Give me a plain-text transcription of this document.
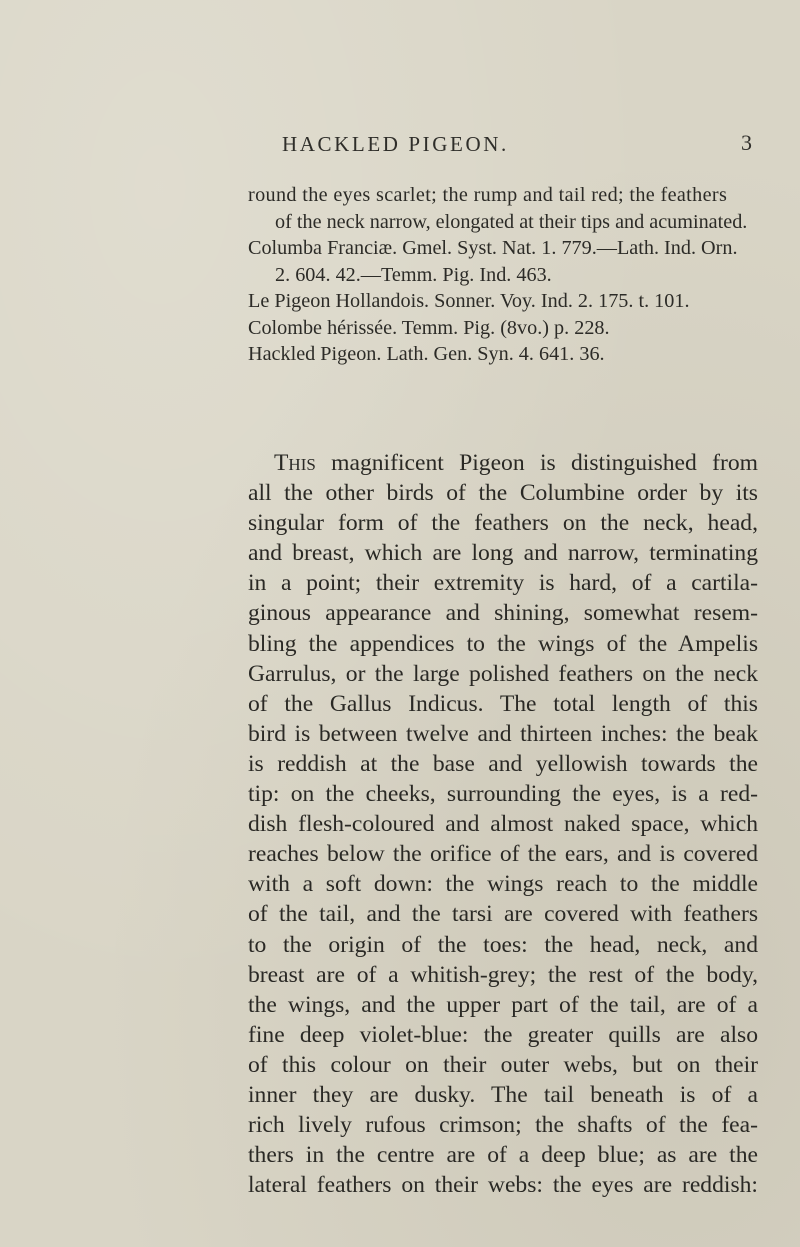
HACKLED PIGEON.	3
round the eyes scarlet; the rump and tail red; the feathers
of the neck narrow, elongated at their tips and acuminated.
Columba Franciæ. Gmel. Syst. Nat. 1. 779.—Lath. Ind. Orn.
2. 604. 42.—Temm. Pig. Ind. 463.
Le Pigeon Hollandois. Sonner. Voy. Ind. 2. 175. t. 101.
Colombe hérissée. Temm. Pig. (8vo.) p. 228.
Hackled Pigeon. Lath. Gen. Syn. 4. 641. 36.
This magnificent Pigeon is distinguished from
all the other birds of the Columbine order by its
singular form of the feathers on the neck, head,
and breast, which are long and narrow, terminating
in a point; their extremity is hard, of a cartila-
ginous appearance and shining, somewhat resem-
bling the appendices to the wings of the Ampelis
Garrulus, or the large polished feathers on the neck
of the Gallus Indicus. The total length of this
bird is between twelve and thirteen inches: the beak
is reddish at the base and yellowish towards the
tip: on the cheeks, surrounding the eyes, is a red-
dish flesh-coloured and almost naked space, which
reaches below the orifice of the ears, and is covered
with a soft down: the wings reach to the middle
of the tail, and the tarsi are covered with feathers
to the origin of the toes: the head, neck, and
breast are of a whitish-grey; the rest of the body,
the wings, and the upper part of the tail, are of a
fine deep violet-blue: the greater quills are also
of this colour on their outer webs, but on their
inner they are dusky. The tail beneath is of a
rich lively rufous crimson; the shafts of the fea-
thers in the centre are of a deep blue; as are the
lateral feathers on their webs: the eyes are reddish:
